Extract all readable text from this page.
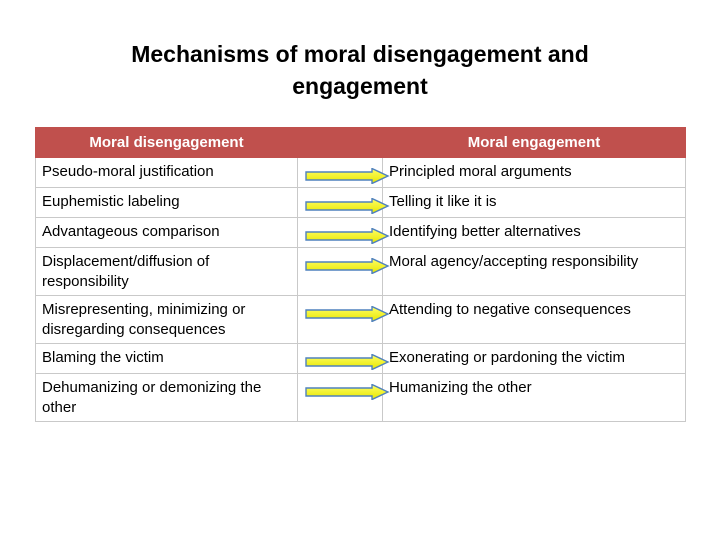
Mechanisms of moral disengagement and
engagement
Moral disengagement		Moral engagement
Pseudo-moral justification		Principled moral arguments
Euphemistic labeling		Telling it like it is
Advantageous comparison		Identifying better alternatives
Displacement/diffusion of responsibility		Moral agency/accepting responsibility
Misrepresenting, minimizing or disregarding consequences		Attending to negative consequences
Blaming the victim		Exonerating or pardoning the victim
Dehumanizing or demonizing the other		Humanizing the other
